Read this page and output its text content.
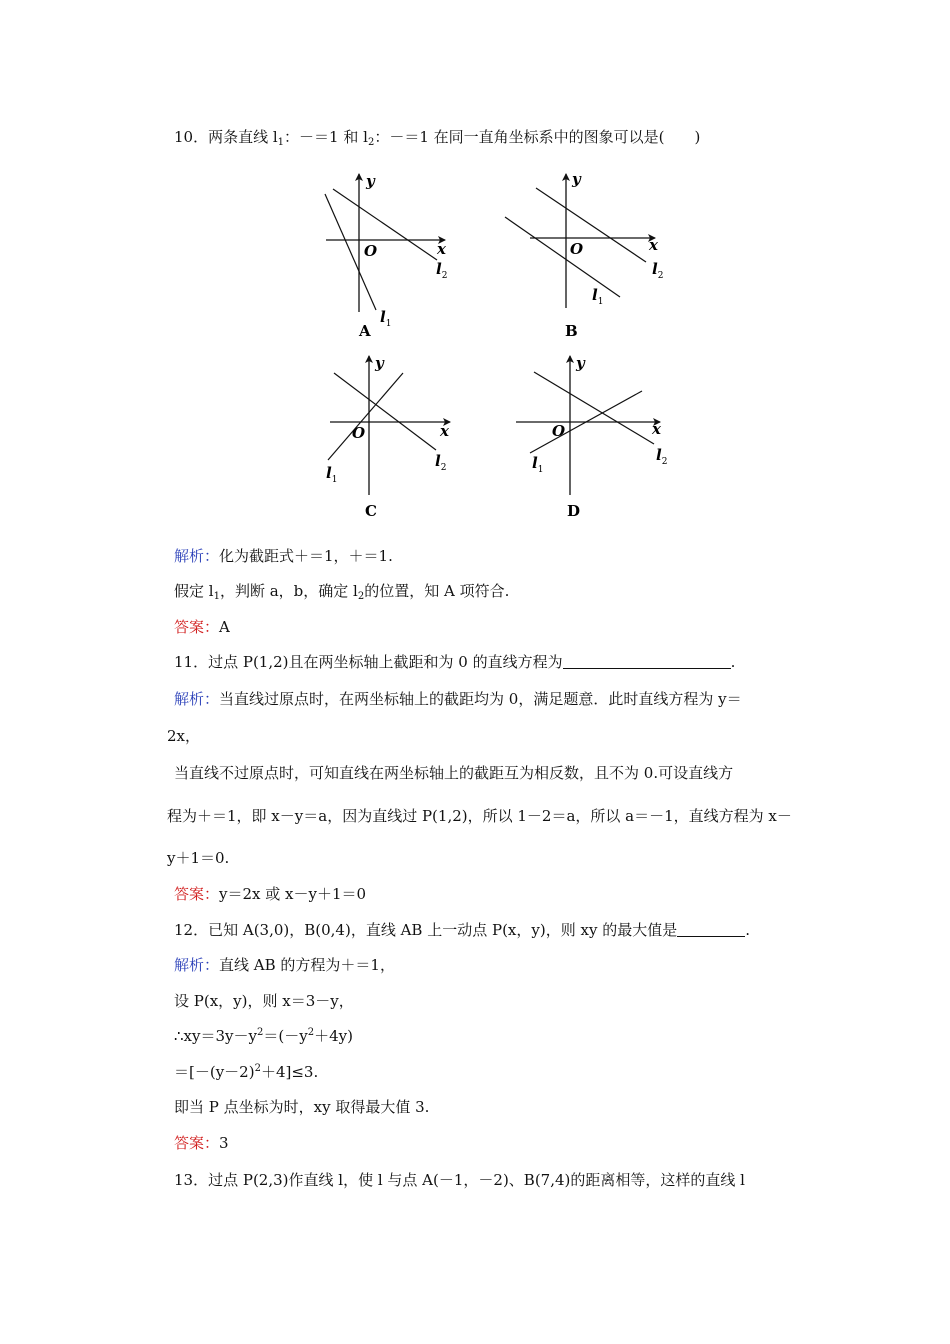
10．两条直线 $l_1$：－＝1 和 $l_2$：－＝1 在同一直角坐标系中的图象可以是(　　)
y
x
O
$l_2$
$l_1$
A
y
x
O
$l_2$
$l_1$
B
y
x
O
$l_2$
$l_1$
C
y
x
O
$l_2$
$l_1$
D
解析：化为截距式＋＝1，＋＝1.
假定 $l_1$，判断 a，b，确定 $l_2$的位置，知 A 项符合.
答案：A
11．过点 P(1,2)且在两坐标轴上截距和为 0 的直线方程为	.
解析：当直线过原点时，在两坐标轴上的截距均为 0，满足题意．此时直线方程为 y＝
2x，
当直线不过原点时，可知直线在两坐标轴上的截距互为相反数，且不为 0.可设直线方
程为＋＝1，即 x－y＝a，因为直线过 P(1,2)，所以 1－2＝a，所以 a＝－1，直线方程为 x－
y＋1＝0.
答案：y＝2x 或 x－y＋1＝0
12．已知 A(3,0)，B(0,4)，直线 AB 上一动点 P(x，y)，则 xy 的最大值是	.
解析：直线 AB 的方程为＋＝1，
设 P(x，y)，则 x＝3－y，
$\therefore xy=3y-y^2=(-y^2+4y)$
$=[-(y-2)^2+4]\le 3$.
即当 P 点坐标为时，xy 取得最大值 3.
答案：3
13．过点 P(2,3)作直线 l，使 l 与点 A(－1，－2)、B(7,4)的距离相等，这样的直线 l
